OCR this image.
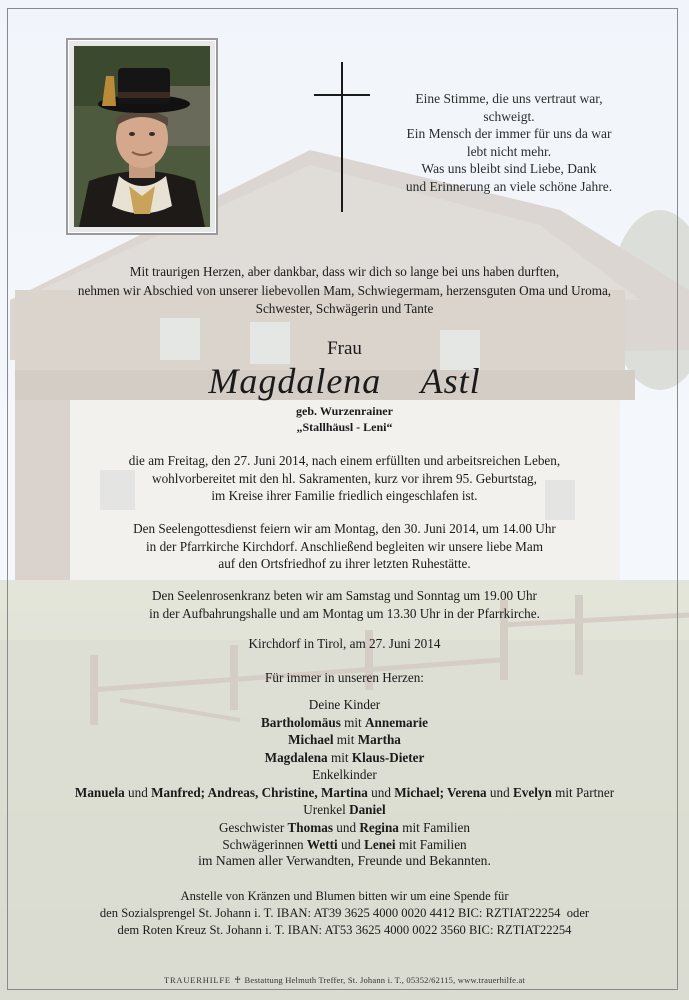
Eine Stimme, die uns vertraut war,
schweigt.
Ein Mensch der immer für uns da war
lebt nicht mehr.
Was uns bleibt sind Liebe, Dank
und Erinnerung an viele schöne Jahre.
Mit traurigen Herzen, aber dankbar, dass wir dich so lange bei uns haben durften,
nehmen wir Abschied von unserer liebevollen Mam, Schwiegermam, herzensguten Oma und Uroma,
Schwester, Schwägerin und Tante
Frau
Magdalena  Astl
geb. Wurzenrainer
„Stallhäusl - Leni“
die am Freitag, den 27. Juni 2014, nach einem erfüllten und arbeitsreichen Leben,
wohlvorbereitet mit den hl. Sakramenten, kurz vor ihrem 95. Geburtstag,
im Kreise ihrer Familie friedlich eingeschlafen ist.
Den Seelengottesdienst feiern wir am Montag, den 30. Juni 2014, um 14.00 Uhr
in der Pfarrkirche Kirchdorf. Anschließend begleiten wir unsere liebe Mam
auf den Ortsfriedhof zu ihrer letzten Ruhestätte.
Den Seelenrosenkranz beten wir am Samstag und Sonntag um 19.00 Uhr
in der Aufbahrungshalle und am Montag um 13.30 Uhr in der Pfarrkirche.
Kirchdorf in Tirol, am 27. Juni 2014
Für immer in unseren Herzen:
Deine Kinder
Bartholomäus mit Annemarie
Michael mit Martha
Magdalena mit Klaus-Dieter
Enkelkinder
Manuela und Manfred; Andreas, Christine, Martina und Michael; Verena und Evelyn mit Partner
Urenkel Daniel
Geschwister Thomas und Regina mit Familien
Schwägerinnen Wetti und Lenei mit Familien
im Namen aller Verwandten, Freunde und Bekannten.
Anstelle von Kränzen und Blumen bitten wir um eine Spende für
den Sozialsprengel St. Johann i. T. IBAN: AT39 3625 4000 0020 4412 BIC: RZTIAT22254  oder
dem Roten Kreuz St. Johann i. T. IBAN: AT53 3625 4000 0022 3560 BIC: RZTIAT22254
TRAUERHILFE ♰ Bestattung Helmuth Treffer, St. Johann i. T., 05352/62115, www.trauerhilfe.at
